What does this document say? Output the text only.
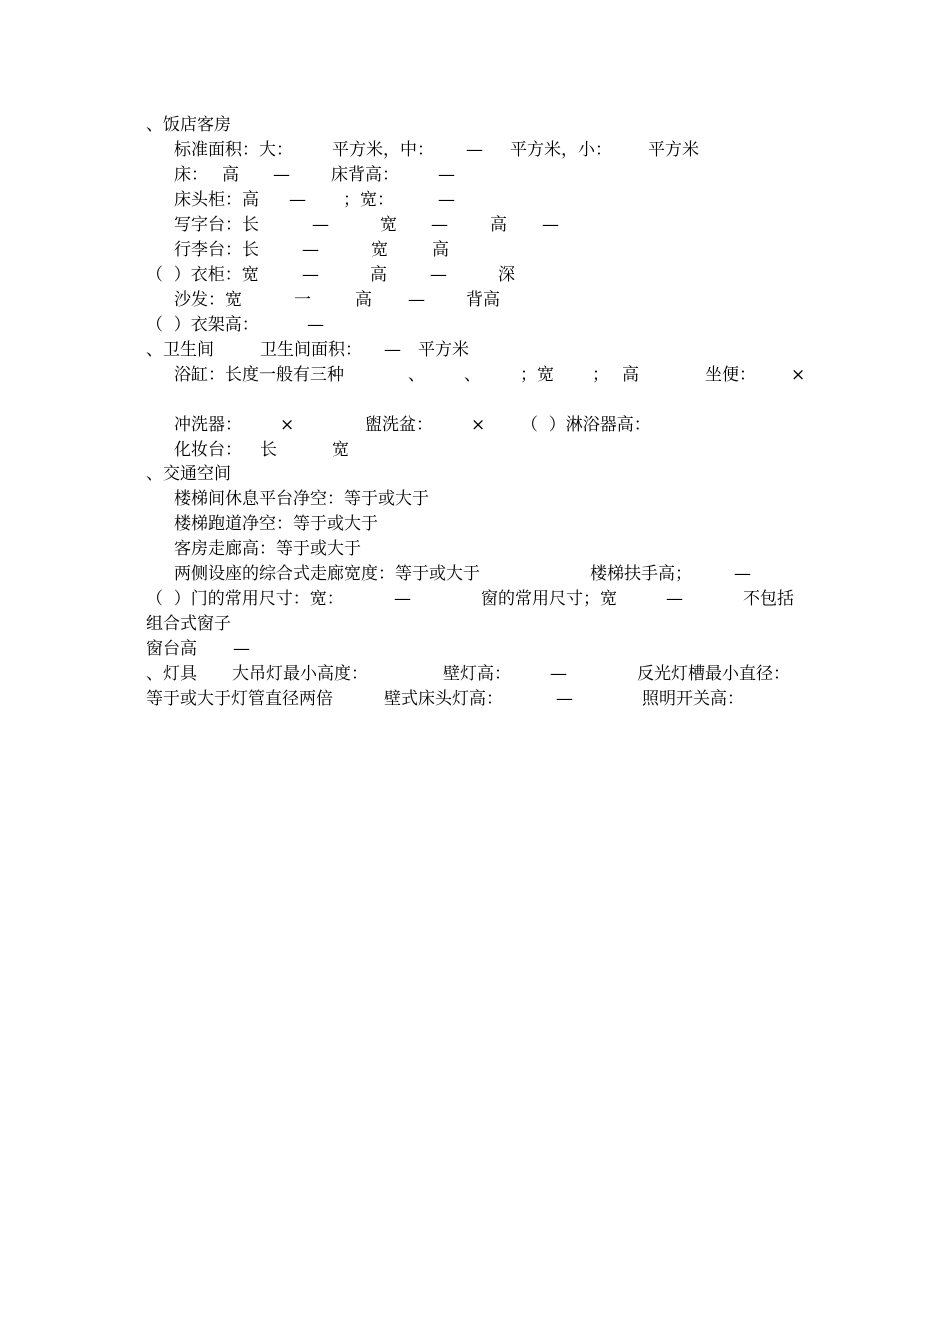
、饭店客房
标准面积：大： 平方米，中： — 平方米，小： 平方米
床： 高 — 床背高： —
床头柜：高 — ；宽：	—
写字台：长	—	宽 — 高 —
行李台：长	—	宽	高
（  ）衣柜：宽	—	高	—	深
沙发：宽	一	高 — 背高
（  ）衣架高：	—
、卫生间	卫生间面积： — 平方米
浴缸：长度一般有三种	、 、 ；宽 ； 高	坐便： ×
冲洗器： ×	盥洗盆： × （  ）淋浴器高：
化妆台： 长	宽
、交通空间
楼梯间休息平台净空：等于或大于
楼梯跑道净空：等于或大于
客房走廊高：等于或大于
两侧设座的综合式走廊宽度：等于或大于	楼梯扶手高； —
（  ）门的常用尺寸：宽：	—	窗的常用尺寸；宽	—	不包括
组合式窗子
窗台高 —
、灯具 大吊灯最小高度：	壁灯高： —	反光灯槽最小直径：
等于或大于灯管直径两倍	壁式床头灯高：	—	照明开关高：
